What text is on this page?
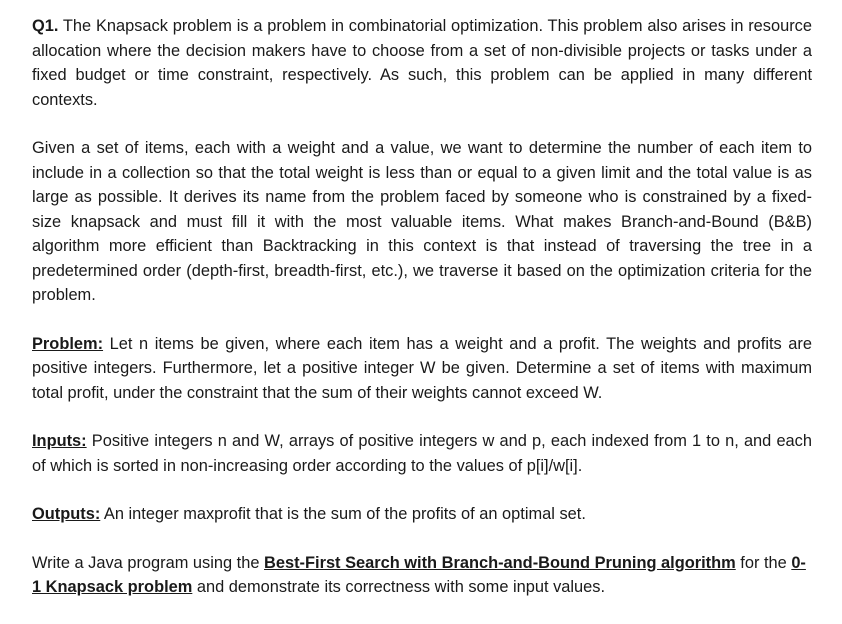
Q1. The Knapsack problem is a problem in combinatorial optimization. This problem also arises in resource allocation where the decision makers have to choose from a set of non-divisible projects or tasks under a fixed budget or time constraint, respectively. As such, this problem can be applied in many different contexts.

Given a set of items, each with a weight and a value, we want to determine the number of each item to include in a collection so that the total weight is less than or equal to a given limit and the total value is as large as possible. It derives its name from the problem faced by someone who is constrained by a fixed-size knapsack and must fill it with the most valuable items. What makes Branch-and-Bound (B&B) algorithm more efficient than Backtracking in this context is that instead of traversing the tree in a predetermined order (depth-first, breadth-first, etc.), we traverse it based on the optimization criteria for the problem.

Problem: Let n items be given, where each item has a weight and a profit. The weights and profits are positive integers. Furthermore, let a positive integer W be given. Determine a set of items with maximum total profit, under the constraint that the sum of their weights cannot exceed W.

Inputs: Positive integers n and W, arrays of positive integers w and p, each indexed from 1 to n, and each of which is sorted in non-increasing order according to the values of p[i]/w[i].

Outputs: An integer maxprofit that is the sum of the profits of an optimal set.

Write a Java program using the Best-First Search with Branch-and-Bound Pruning algorithm for the 0-1 Knapsack problem and demonstrate its correctness with some input values.
